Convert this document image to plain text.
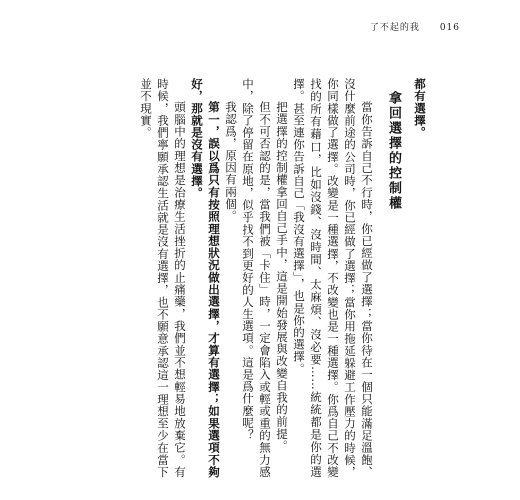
了不起的我 016

都有選擇。

拿回選擇的控制權

當你告訴自己不行時，你已經做了選擇；當你待在一個只能滿足溫飽、沒什麼前途的公司時，你已經做了選擇；當你用拖延躲避工作壓力的時候，你同樣做了選擇。改變是一種選擇，不改變也是一種選擇。你爲自己不改變找的所有藉口，比如沒錢、沒時間、太麻煩、沒必要……統統都是你的選擇。甚至連你告訴自己「我沒有選擇」，也是你的選擇。

把選擇的控制權拿回自己手中，這是開始發展與改變自我的前提。

但不可否認的是，當我們被「卡住」時，一定會陷入或輕或重的無力感中，除了停留在原地，似乎找不到更好的人生選項。這是爲什麼呢？

我認爲，原因有兩個。

第一，誤以爲只有按照理想狀況做出選擇，才算有選擇；如果選項不夠好，那就是沒有選擇。

頭腦中的理想是治療生活挫折的止痛藥，我們並不想輕易地放棄它。有時候，我們寧願承認生活就是沒有選擇，也不願意承認這一理想至少在當下並不現實。
